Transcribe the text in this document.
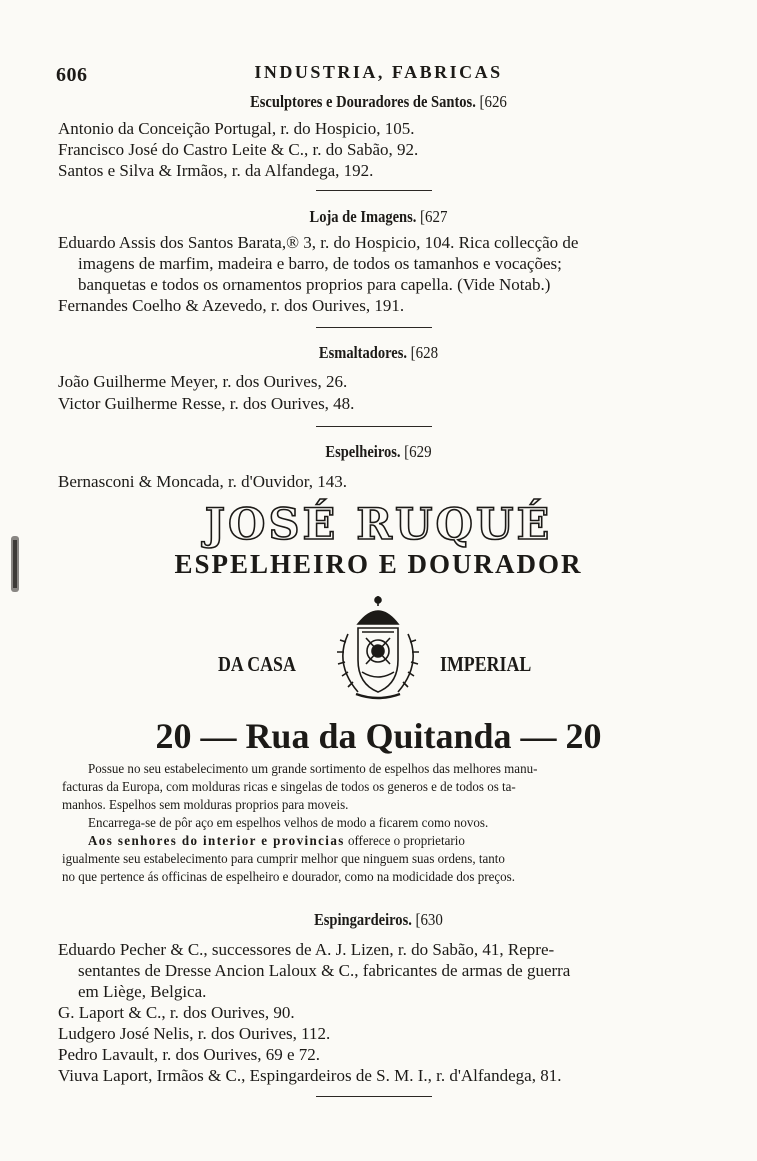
606	INDUSTRIA, FABRICAS
Esculptores e Douradores de Santos. [626
Antonio da Conceição Portugal, r. do Hospicio, 105.
Francisco José do Castro Leite & C., r. do Sabão, 92.
Santos e Silva & Irmãos, r. da Alfandega, 192.
Loja de Imagens. [627
Eduardo Assis dos Santos Barata,® 3, r. do Hospicio, 104. Rica collecção de
imagens de marfim, madeira e barro, de todos os tamanhos e vocações;
banquetas e todos os ornamentos proprios para capella. (Vide Notab.)
Fernandes Coelho & Azevedo, r. dos Ourives, 191.
Esmaltadores. [628
João Guilherme Meyer, r. dos Ourives, 26.
Victor Guilherme Resse, r. dos Ourives, 48.
Espelheiros. [629
Bernasconi & Moncada, r. d'Ouvidor, 143.
JOSÉ RUQUÉ
ESPELHEIRO E DOURADOR
DA CASA	IMPERIAL
20 — Rua da Quitanda — 20
Possue no seu estabelecimento um grande sortimento de espelhos das melhores manu-
facturas da Europa, com molduras ricas e singelas de todos os generos e de todos os ta-
manhos. Espelhos sem molduras proprios para moveis.
Encarrega-se de pôr aço em espelhos velhos de modo a ficarem como novos.
Aos senhores do interior e provincias offerece o proprietario
igualmente seu estabelecimento para cumprir melhor que ninguem suas ordens, tanto
no que pertence ás officinas de espelheiro e dourador, como na modicidade dos preços.
Espingardeiros. [630
Eduardo Pecher & C., successores de A. J. Lizen, r. do Sabão, 41, Repre-
sentantes de Dresse Ancion Laloux & C., fabricantes de armas de guerra
em Liège, Belgica.
G. Laport & C., r. dos Ourives, 90.
Ludgero José Nelis, r. dos Ourives, 112.
Pedro Lavault, r. dos Ourives, 69 e 72.
Viuva Laport, Irmãos & C., Espingardeiros de S. M. I., r. d'Alfandega, 81.
